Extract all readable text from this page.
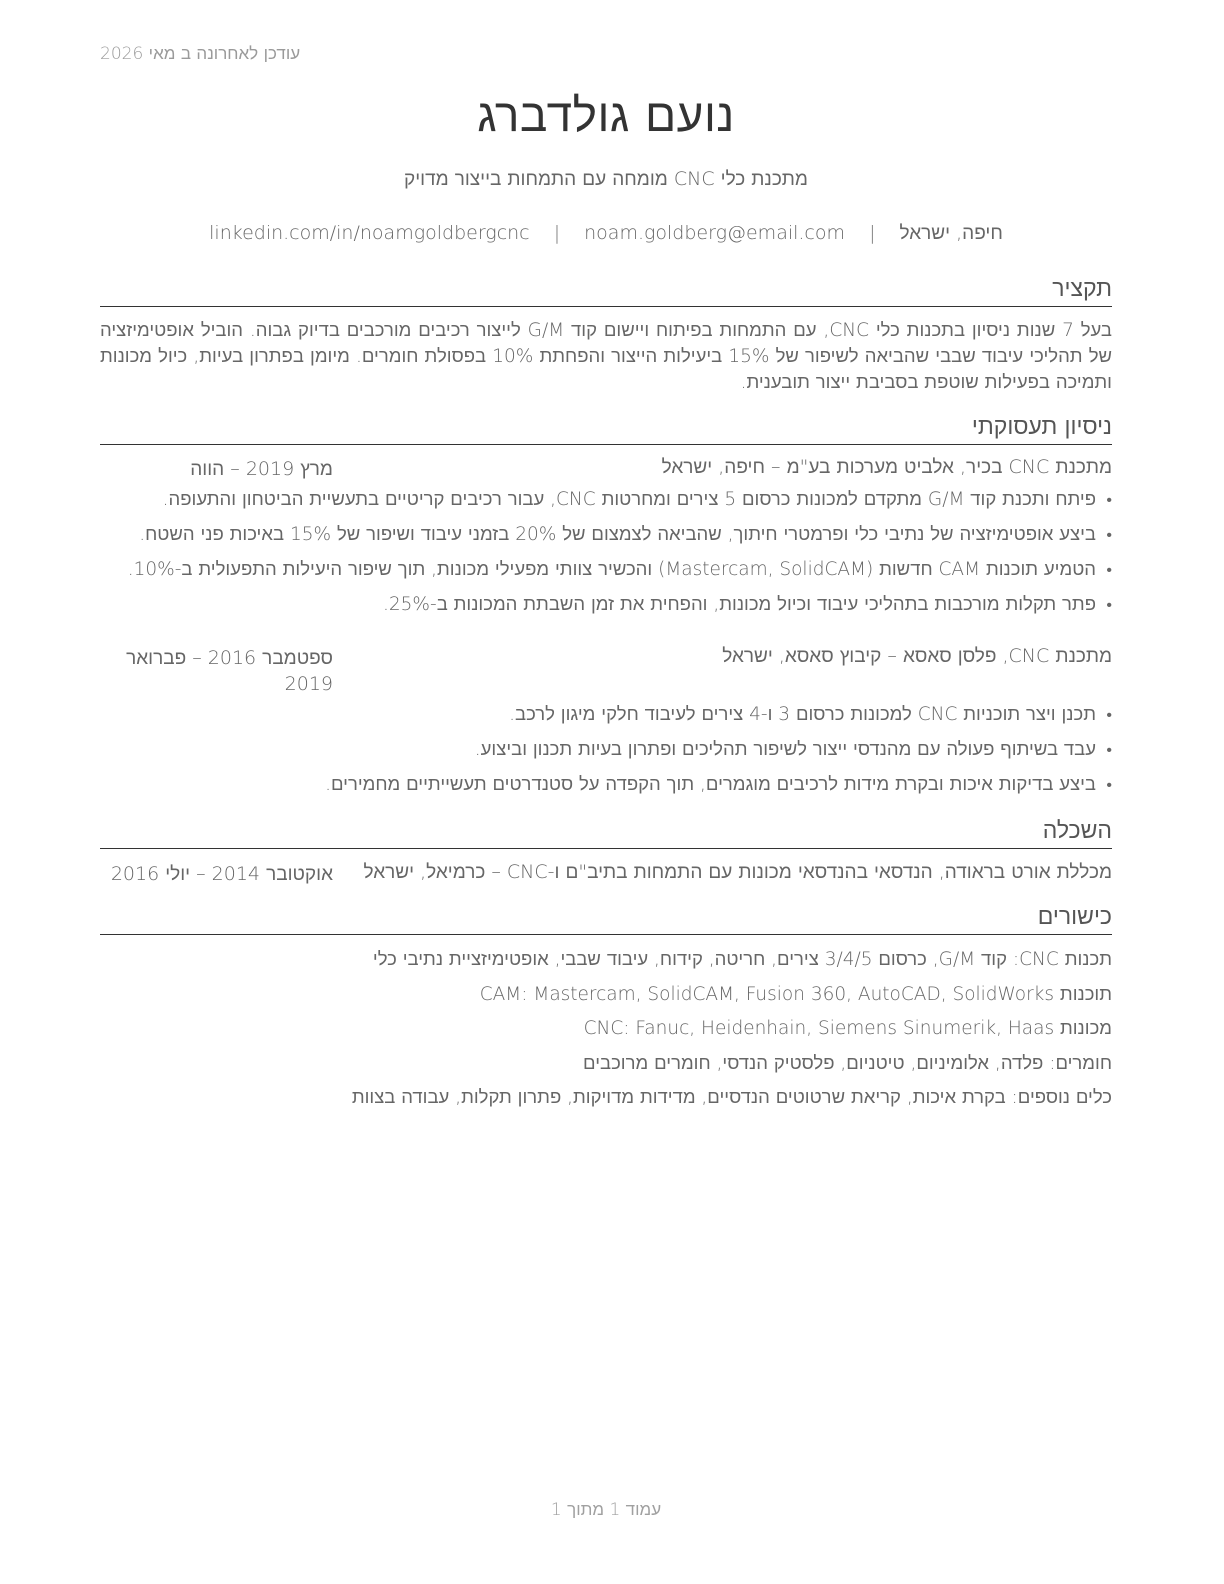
עודכן לאחרונה ב מאי 2026
נועם גולדברג
מתכנת כלי CNC מומחה עם התמחות בייצור מדויק
חיפה, ישראל | noam.goldberg@email.com | linkedin.com/in/noamgoldbergcnc
תקציר
בעל 7 שנות ניסיון בתכנות כלי CNC, עם התמחות בפיתוח ויישום קוד G/M לייצור רכיבים מורכבים בדיוק גבוה. הוביל אופטימיזציה של תהליכי עיבוד שבבי שהביאה לשיפור של 15% ביעילות הייצור והפחתת 10% בפסולת חומרים. מיומן בפתרון בעיות, כיול מכונות ותמיכה בפעילות שוטפת בסביבת ייצור תובענית.
ניסיון תעסוקתי
מתכנת CNC בכיר, אלביט מערכות בע"מ – חיפה, ישראל
מרץ 2019 – הווה
•
פיתח ותכנת קוד G/M מתקדם למכונות כרסום 5 צירים ומחרטות CNC, עבור רכיבים קריטיים בתעשיית הביטחון והתעופה.
•
ביצע אופטימיזציה של נתיבי כלי ופרמטרי חיתוך, שהביאה לצמצום של 20% בזמני עיבוד ושיפור של 15% באיכות פני השטח.
•
הטמיע תוכנות CAM חדשות (Mastercam, SolidCAM) והכשיר צוותי מפעילי מכונות, תוך שיפור היעילות התפעולית ב-10%.
•
פתר תקלות מורכבות בתהליכי עיבוד וכיול מכונות, והפחית את זמן השבתת המכונות ב-25%.
מתכנת CNC, פלסן סאסא – קיבוץ סאסא, ישראל
ספטמבר 2016 – פברואר 2019
•
תכנן ויצר תוכניות CNC למכונות כרסום 3 ו-4 צירים לעיבוד חלקי מיגון לרכב.
•
עבד בשיתוף פעולה עם מהנדסי ייצור לשיפור תהליכים ופתרון בעיות תכנון וביצוע.
•
ביצע בדיקות איכות ובקרת מידות לרכיבים מוגמרים, תוך הקפדה על סטנדרטים תעשייתיים מחמירים.
השכלה
מכללת אורט בראודה, הנדסאי בהנדסאי מכונות עם התמחות בתיב"ם ו-CNC – כרמיאל, ישראל
אוקטובר 2014 – יולי 2016
כישורים
תכנות CNC: קוד G/M, כרסום 3/4/5 צירים, חריטה, קידוח, עיבוד שבבי, אופטימיזציית נתיבי כלי
תוכנות CAM: Mastercam, SolidCAM, Fusion 360, AutoCAD, SolidWorks
מכונות CNC: Fanuc, Heidenhain, Siemens Sinumerik, Haas
חומרים: פלדה, אלומיניום, טיטניום, פלסטיק הנדסי, חומרים מרוכבים
כלים נוספים: בקרת איכות, קריאת שרטוטים הנדסיים, מדידות מדויקות, פתרון תקלות, עבודה בצוות
עמוד 1 מתוך 1
